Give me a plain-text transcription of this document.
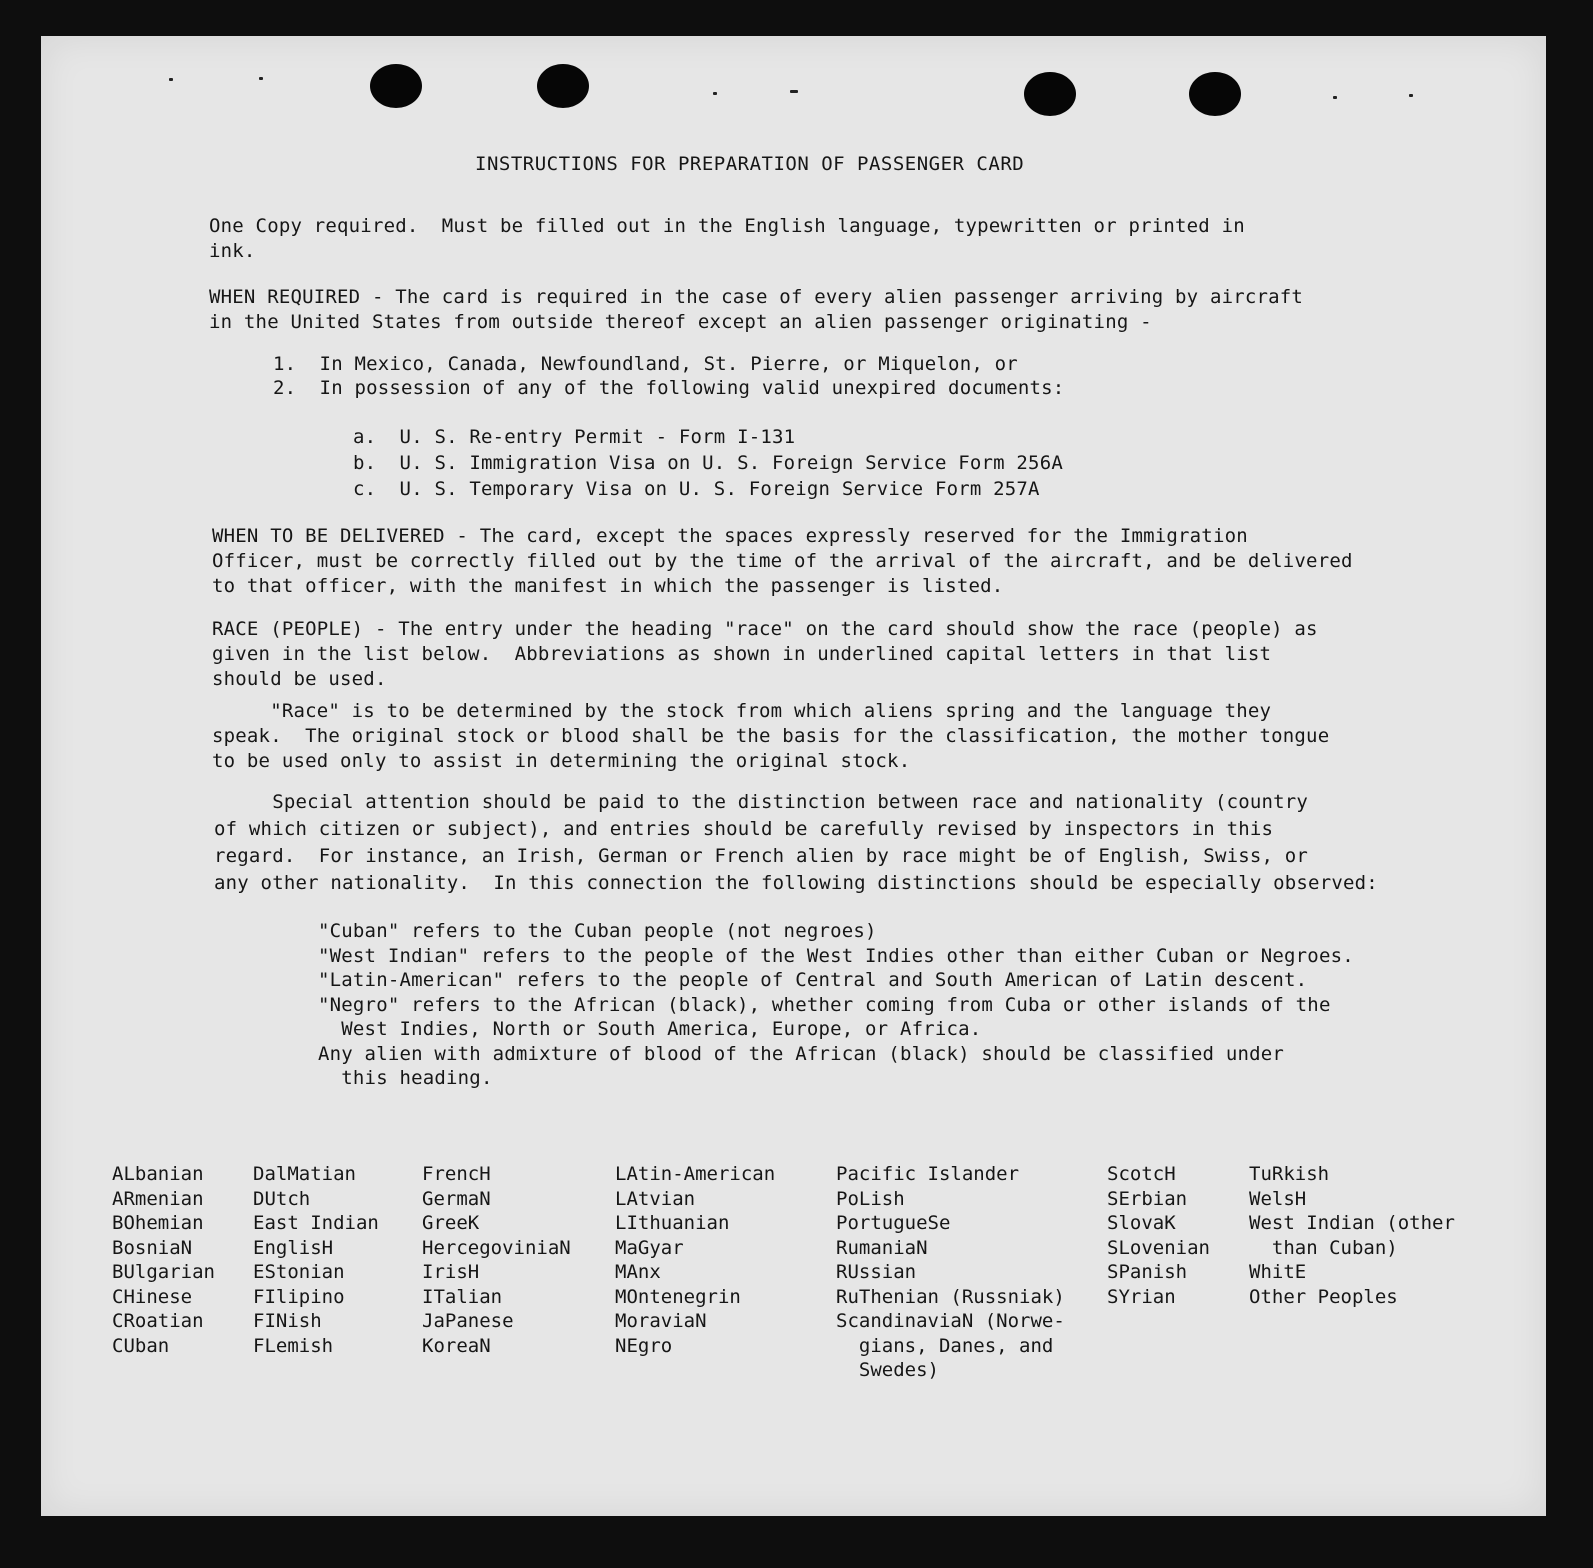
INSTRUCTIONS FOR PREPARATION OF PASSENGER CARD

One Copy required.  Must be filled out in the English language, typewritten or printed in
ink.

WHEN REQUIRED - The card is required in the case of every alien passenger arriving by aircraft
in the United States from outside thereof except an alien passenger originating -

1.  In Mexico, Canada, Newfoundland, St. Pierre, or Miquelon, or
2.  In possession of any of the following valid unexpired documents:

a.  U. S. Re-entry Permit - Form I-131
b.  U. S. Immigration Visa on U. S. Foreign Service Form 256A
c.  U. S. Temporary Visa on U. S. Foreign Service Form 257A

WHEN TO BE DELIVERED - The card, except the spaces expressly reserved for the Immigration
Officer, must be correctly filled out by the time of the arrival of the aircraft, and be delivered
to that officer, with the manifest in which the passenger is listed.

RACE (PEOPLE) - The entry under the heading "race" on the card should show the race (people) as
given in the list below.  Abbreviations as shown in underlined capital letters in that list
should be used.

"Race" is to be determined by the stock from which aliens spring and the language they
speak.  The original stock or blood shall be the basis for the classification, the mother tongue
to be used only to assist in determining the original stock.

Special attention should be paid to the distinction between race and nationality (country
of which citizen or subject), and entries should be carefully revised by inspectors in this
regard.  For instance, an Irish, German or French alien by race might be of English, Swiss, or
any other nationality.  In this connection the following distinctions should be especially observed:

"Cuban" refers to the Cuban people (not negroes)
"West Indian" refers to the people of the West Indies other than either Cuban or Negroes.
"Latin-American" refers to the people of Central and South American of Latin descent.
"Negro" refers to the African (black), whether coming from Cuba or other islands of the
West Indies, North or South America, Europe, or Africa.
Any alien with admixture of blood of the African (black) should be classified under
this heading.

ALbanian
ARmenian
BOhemian
BosniaN
BUlgarian
CHinese
CRoatian
CUban
DalMatian
DUtch
East Indian
EnglisH
EStonian
FIlipino
FINish
FLemish
FrencH
GermaN
GreeK
HercegoviniaN
IrisH
ITalian
JaPanese
KoreaN
LAtin-American
LAtvian
LIthuanian
MaGyar
MAnx
MOntenegrin
MoraviaN
NEgro
Pacific Islander
PoLish
PortugueSe
RumaniaN
RUssian
RuThenian (Russniak)
ScandinaviaN (Norwe-
gians, Danes, and
Swedes)
ScotcH
SErbian
SlovaK
SLovenian
SPanish
SYrian
TuRkish
WelsH
West Indian (other
than Cuban)
WhitE
Other Peoples
